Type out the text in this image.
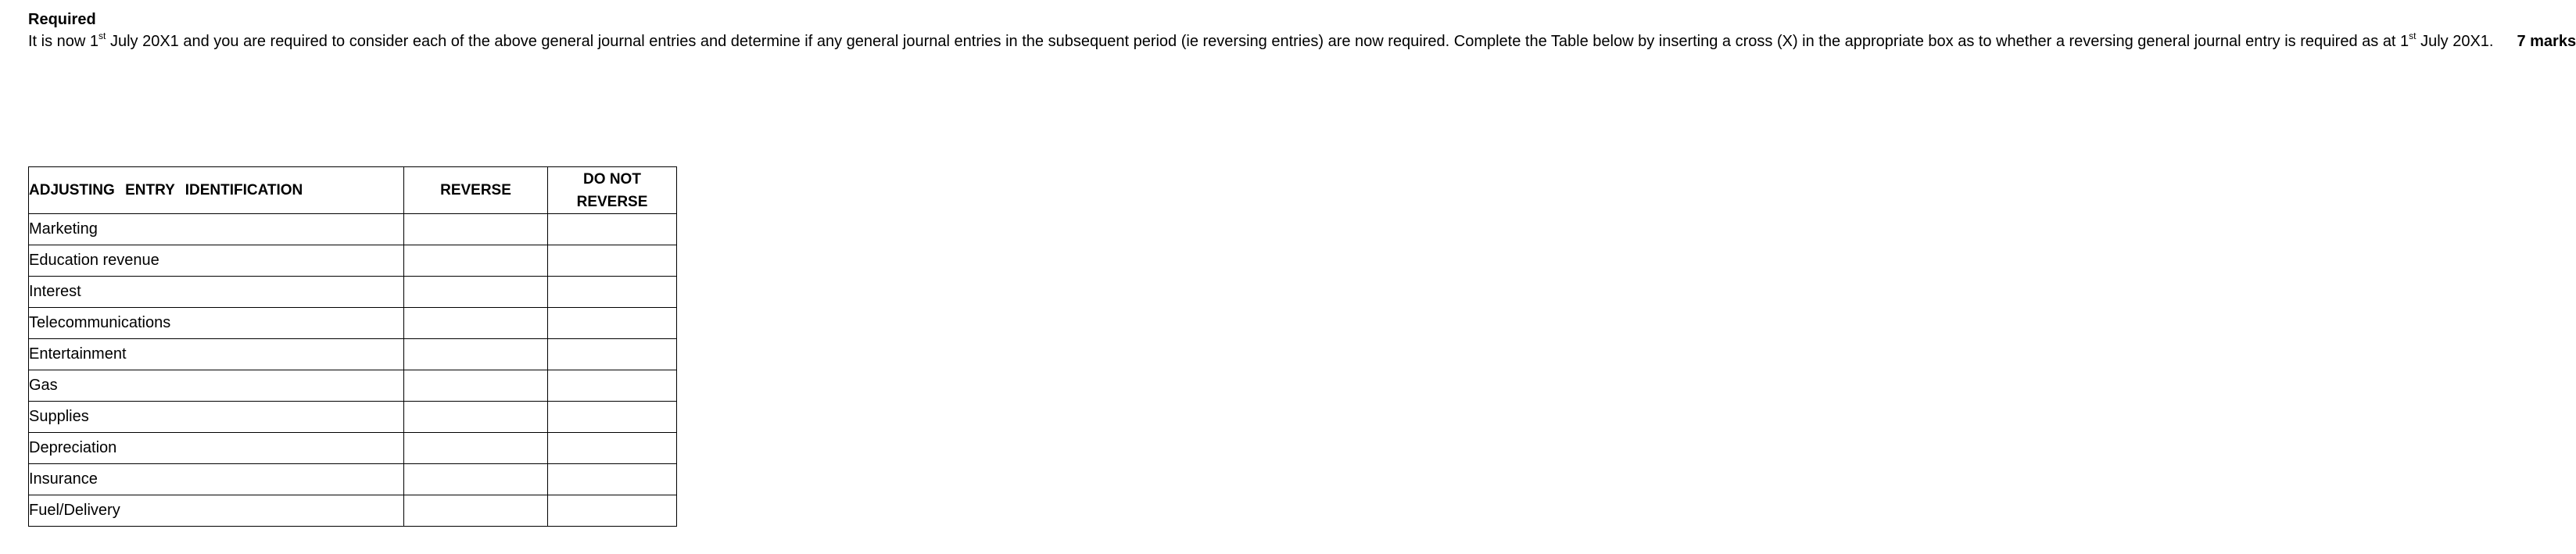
Required

It is now 1st July 20X1 and you are required to consider each of the above general journal entries and determine if any general journal entries in the subsequent period (ie reversing entries) are now required. Complete the Table below by inserting a cross (X) in the appropriate box as to whether a reversing general journal entry is required as at 1st July 20X1. 7 marks

ADJUSTING ENTRY IDENTIFICATION	REVERSE	DO NOT
REVERSE
Marketing		
Education revenue		
Interest		
Telecommunications		
Entertainment		
Gas		
Supplies		
Depreciation		
Insurance		
Fuel/Delivery		
